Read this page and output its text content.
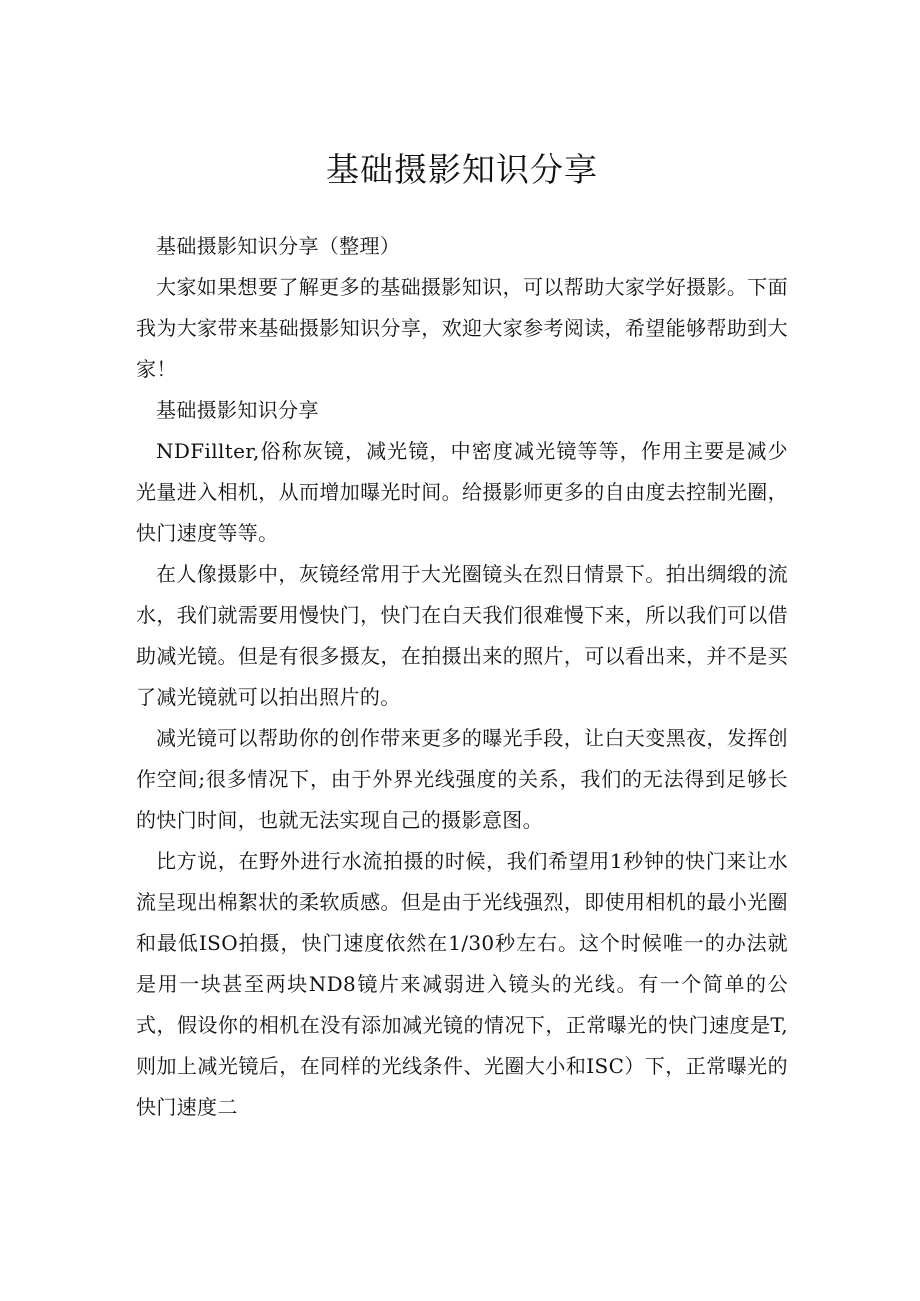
基础摄影知识分享

基础摄影知识分享（整理）

大家如果想要了解更多的基础摄影知识，可以帮助大家学好摄影。下面我为大家带来基础摄影知识分享，欢迎大家参考阅读，希望能够帮助到大家！

基础摄影知识分享

NDFillter,俗称灰镜，减光镜，中密度减光镜等等，作用主要是减少光量进入相机，从而增加曝光时间。给摄影师更多的自由度去控制光圈，快门速度等等。

在人像摄影中，灰镜经常用于大光圈镜头在烈日情景下。拍出绸缎的流水，我们就需要用慢快门，快门在白天我们很难慢下来，所以我们可以借助减光镜。但是有很多摄友，在拍摄出来的照片，可以看出来，并不是买了减光镜就可以拍出照片的。

减光镜可以帮助你的创作带来更多的曝光手段，让白天变黑夜，发挥创作空间;很多情况下，由于外界光线强度的关系，我们的无法得到足够长的快门时间，也就无法实现自己的摄影意图。

比方说，在野外进行水流拍摄的时候，我们希望用1秒钟的快门来让水流呈现出棉絮状的柔软质感。但是由于光线强烈，即使用相机的最小光圈和最低ISO拍摄，快门速度依然在1/30秒左右。这个时候唯一的办法就是用一块甚至两块ND8镜片来减弱进入镜头的光线。有一个简单的公式，假设你的相机在没有添加减光镜的情况下，正常曝光的快门速度是T,则加上减光镜后，在同样的光线条件、光圈大小和ISC）下，正常曝光的快门速度二
